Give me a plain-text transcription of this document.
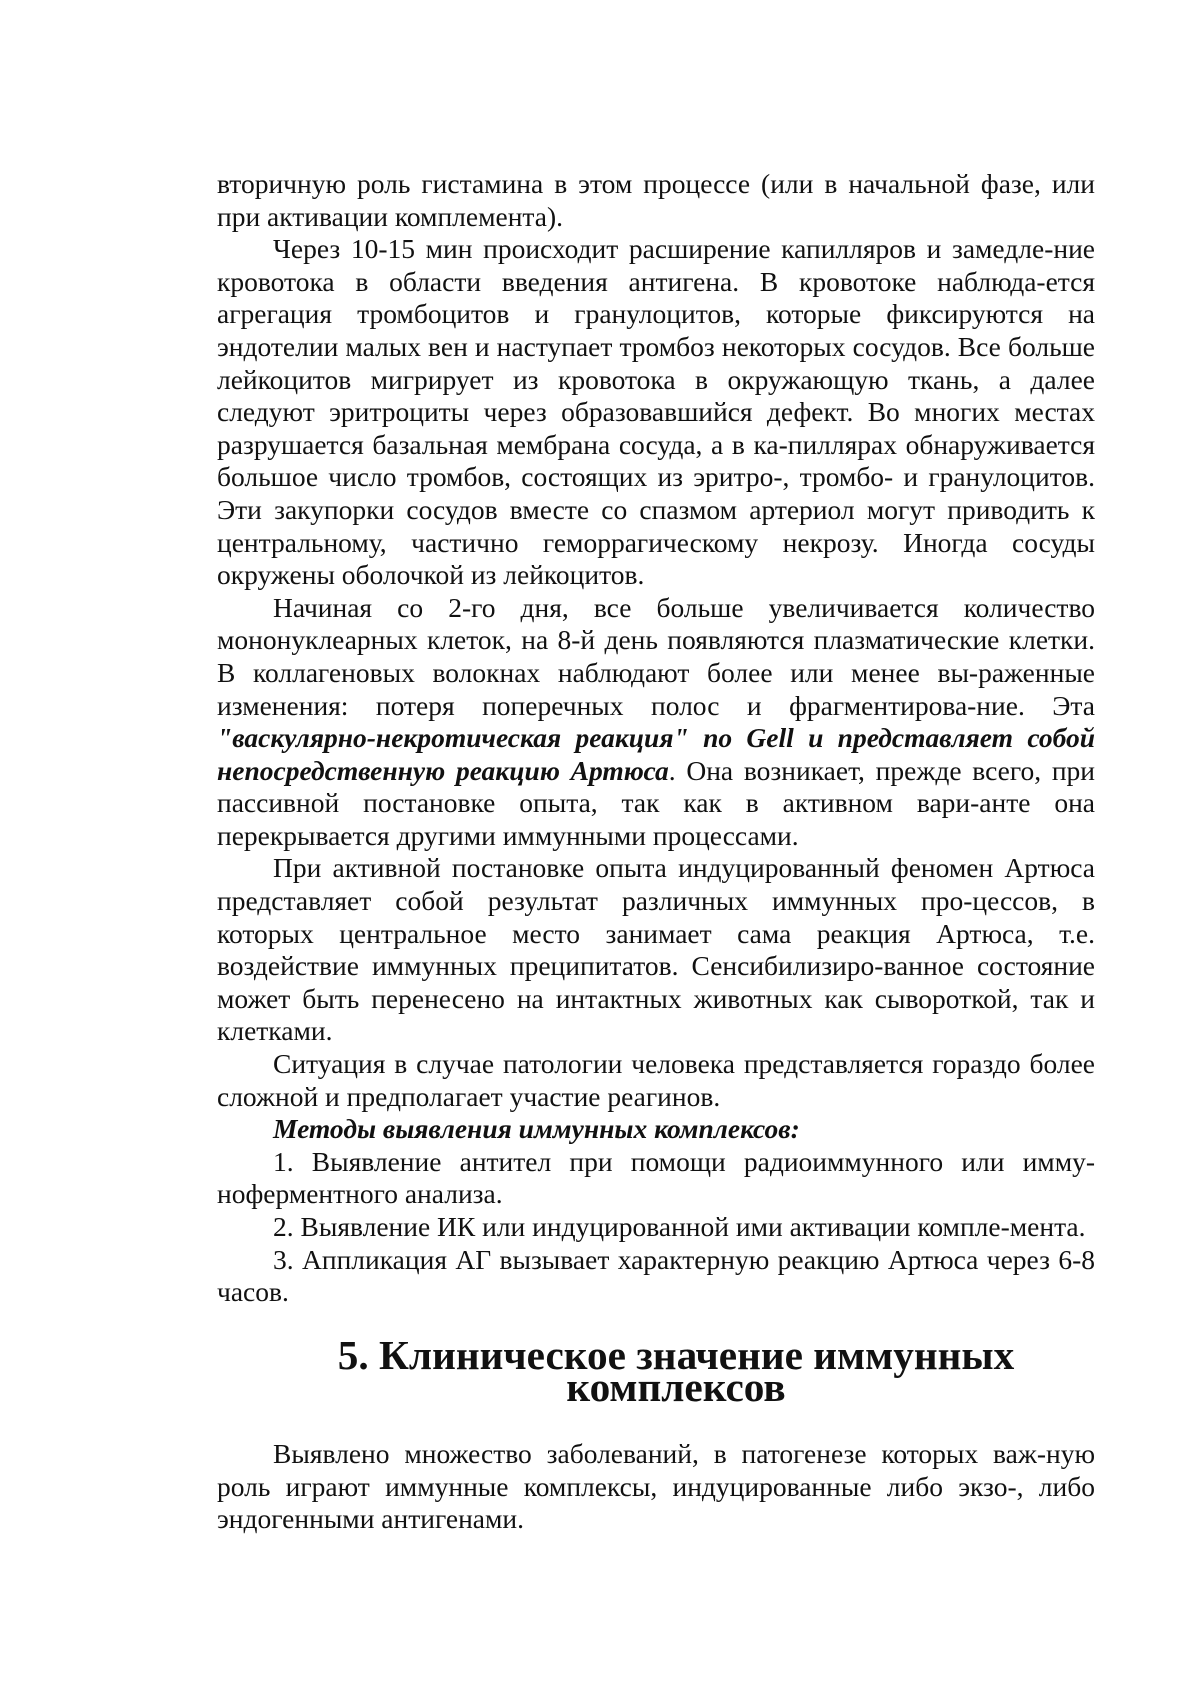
вторичную роль гистамина в этом процессе (или в начальной фазе, или при активации комплемента).

Через 10-15 мин происходит расширение капилляров и замедле-ние кровотока в области введения антигена. В кровотоке наблюда-ется агрегация тромбоцитов и гранулоцитов, которые фиксируются на эндотелии малых вен и наступает тромбоз некоторых сосудов. Все больше лейкоцитов мигрирует из кровотока в окружающую ткань, а далее следуют эритроциты через образовавшийся дефект. Во многих местах разрушается базальная мембрана сосуда, а в ка-пиллярах обнаруживается большое число тромбов, состоящих из эритро-, тромбо- и гранулоцитов. Эти закупорки сосудов вместе со спазмом артериол могут приводить к центральному, частично геморрагическому некрозу. Иногда сосуды окружены оболочкой из лейкоцитов.

Начиная со 2-го дня, все больше увеличивается количество мононуклеарных клеток, на 8-й день появляются плазматические клетки. В коллагеновых волокнах наблюдают более или менее вы-раженные изменения: потеря поперечных полос и фрагментирова-ние. Эта "васкулярно-некротическая реакция" по Gell и представляет собой непосредственную реакцию Артюса. Она возникает, прежде всего, при пассивной постановке опыта, так как в активном вари-анте она перекрывается другими иммунными процессами.

При активной постановке опыта индуцированный феномен Артюса представляет собой результат различных иммунных про-цессов, в которых центральное место занимает сама реакция Артюса, т.е. воздействие иммунных преципитатов. Сенсибилизиро-ванное состояние может быть перенесено на интактных животных как сывороткой, так и клетками.

Ситуация в случае патологии человека представляется гораздо более сложной и предполагает участие реагинов.

Методы выявления иммунных комплексов:

1. Выявление антител при помощи радиоиммунного или имму-ноферментного анализа.

2. Выявление ИК или индуцированной ими активации компле-мента.

3. Аппликация АГ вызывает характерную реакцию Артюса через 6-8 часов.

5. Клиническое значение иммунных комплексов

Выявлено множество заболеваний, в патогенезе которых важ-ную роль играют иммунные комплексы, индуцированные либо экзо-, либо эндогенными антигенами.
